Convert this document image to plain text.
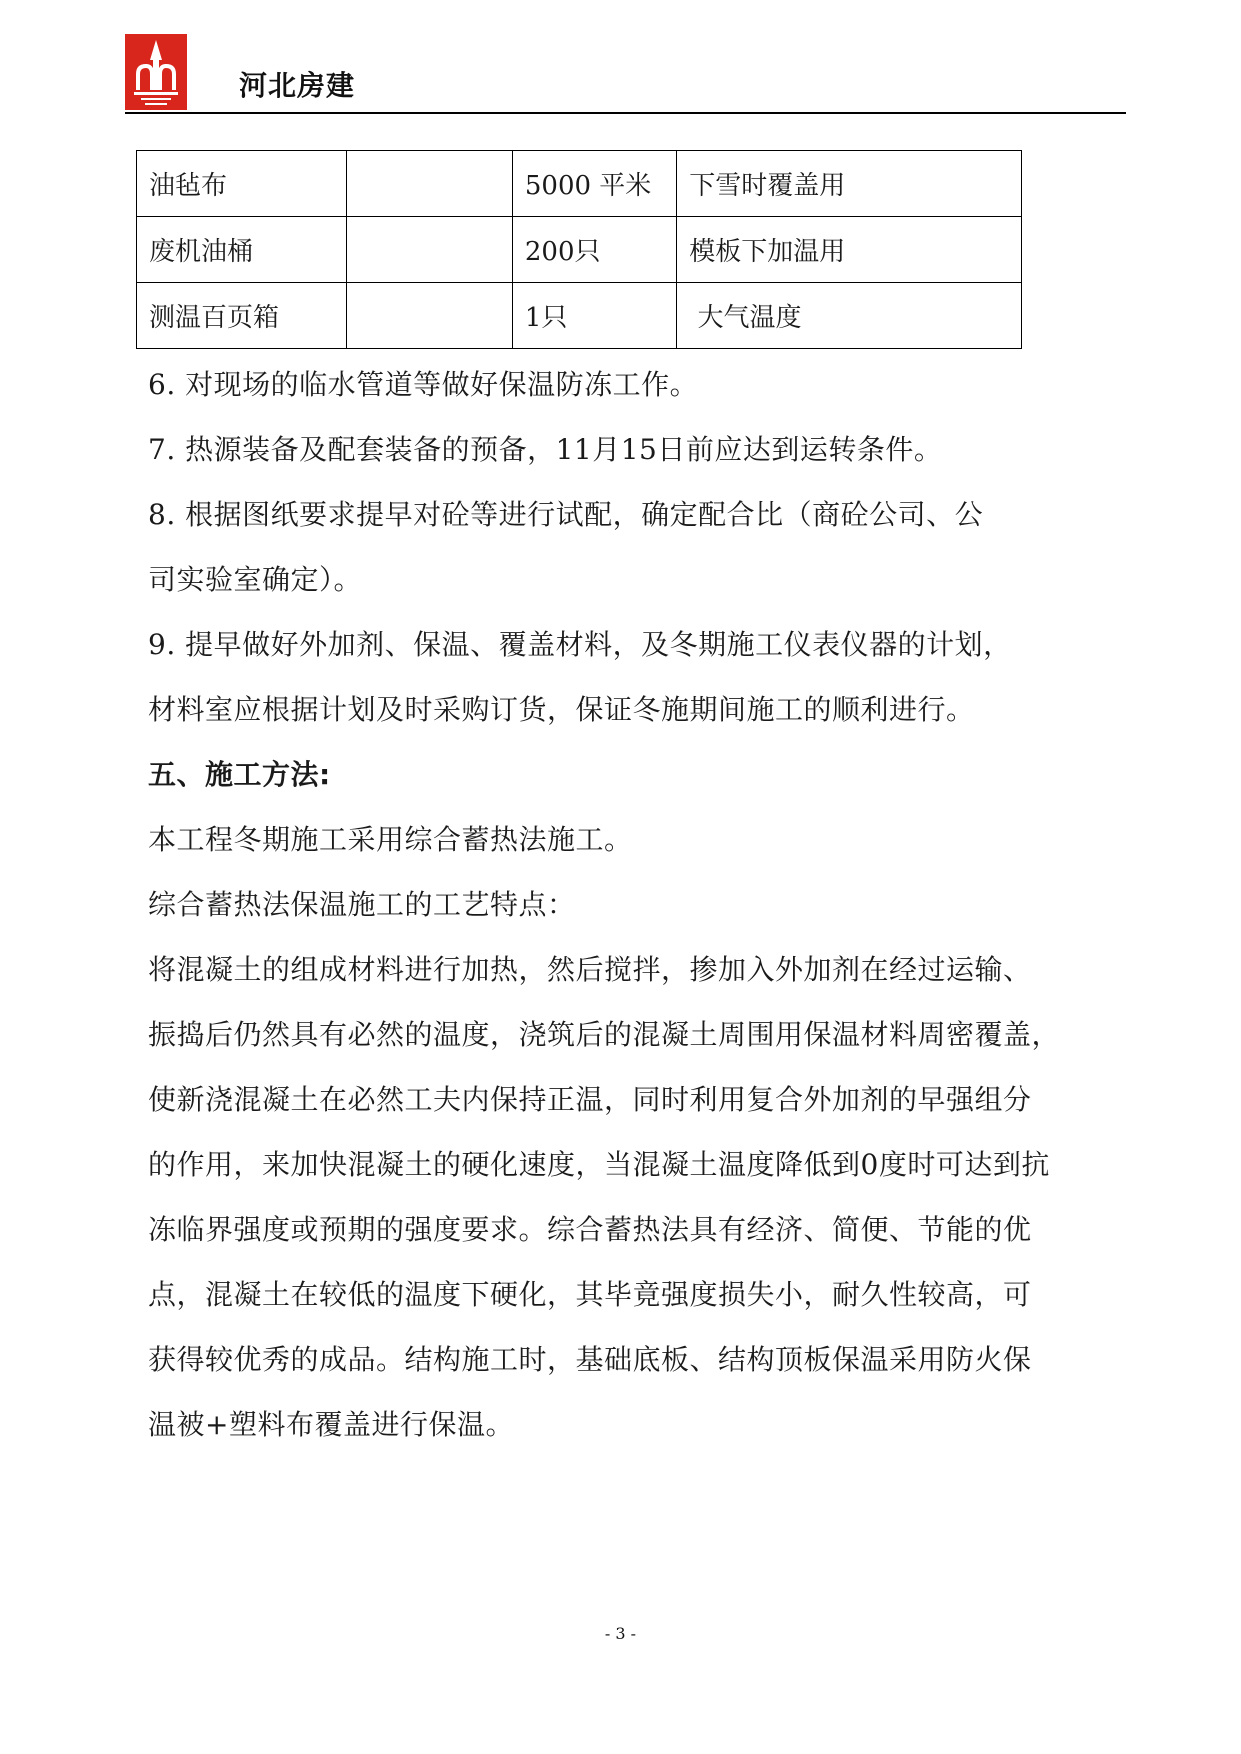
河北房建
油毡布		5000 平米	下雪时覆盖用
废机油桶		200只	模板下加温用
测温百页箱		1只	大气温度
6. 对现场的临水管道等做好保温防冻工作。
7. 热源装备及配套装备的预备，11月15日前应达到运转条件。
8. 根据图纸要求提早对砼等进行试配，确定配合比（商砼公司、公
司实验室确定）。
9. 提早做好外加剂、保温、覆盖材料，及冬期施工仪表仪器的计划，
材料室应根据计划及时采购订货，保证冬施期间施工的顺利进行。
五、施工方法:
本工程冬期施工采用综合蓄热法施工。
综合蓄热法保温施工的工艺特点：
将混凝土的组成材料进行加热，然后搅拌，掺加入外加剂在经过运输、
振捣后仍然具有必然的温度，浇筑后的混凝土周围用保温材料周密覆盖，
使新浇混凝土在必然工夫内保持正温，同时利用复合外加剂的早强组分
的作用，来加快混凝土的硬化速度，当混凝土温度降低到0度时可达到抗
冻临界强度或预期的强度要求。综合蓄热法具有经济、简便、节能的优
点，混凝土在较低的温度下硬化，其毕竟强度损失小，耐久性较高，可
获得较优秀的成品。结构施工时，基础底板、结构顶板保温采用防火保
温被+塑料布覆盖进行保温。
- 3 -
